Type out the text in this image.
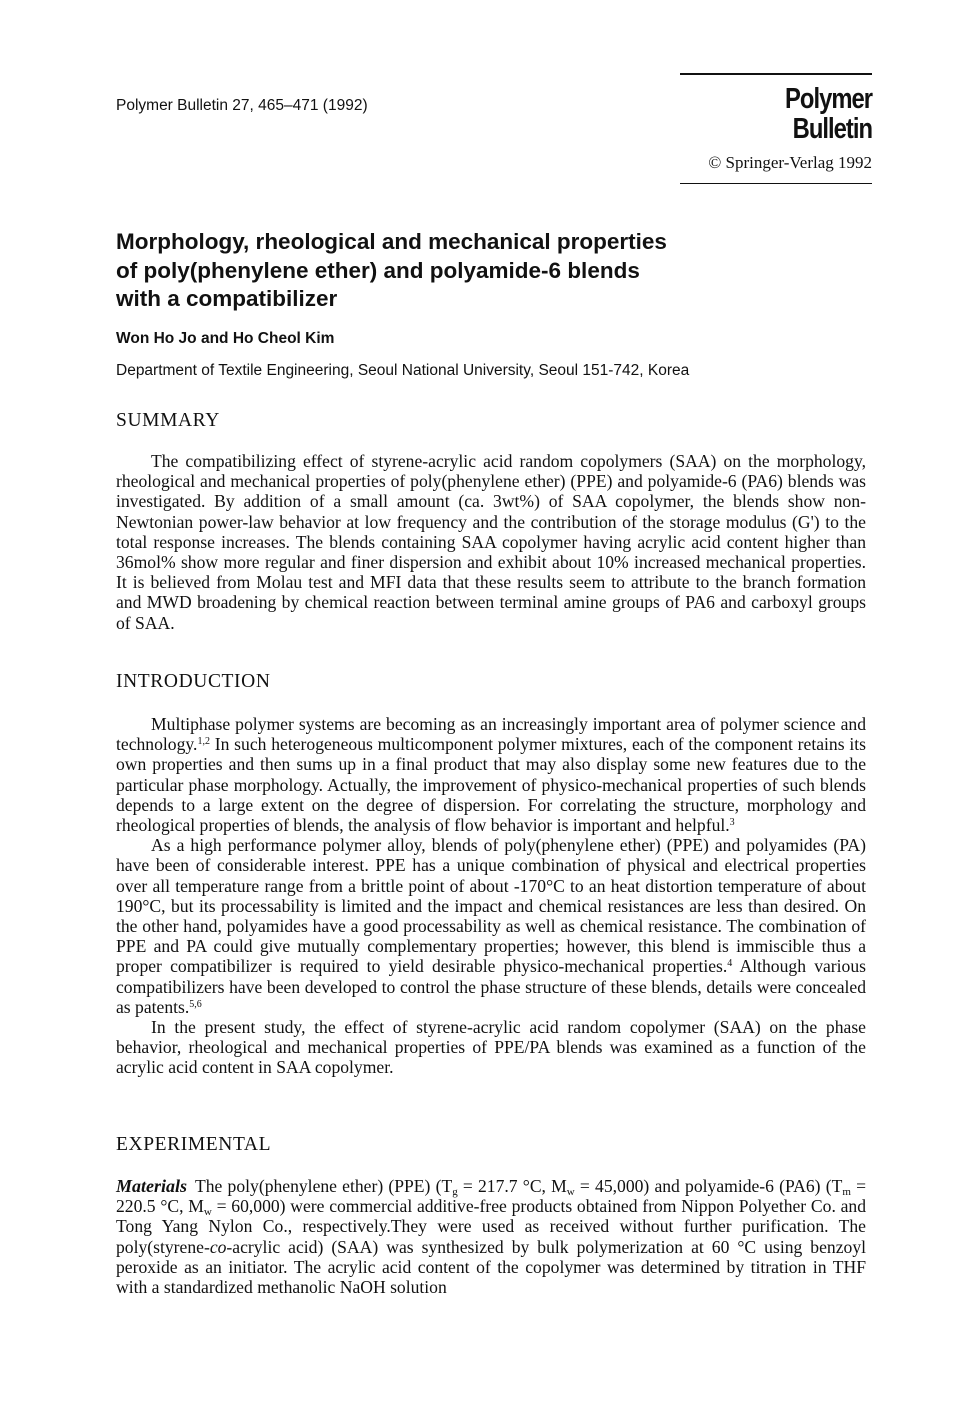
Polymer Bulletin 27, 465–471 (1992)	Polymer Bulletin
© Springer-Verlag 1992
Morphology, rheological and mechanical properties
of poly(phenylene ether) and polyamide-6 blends
with a compatibilizer
Won Ho Jo and Ho Cheol Kim
Department of Textile Engineering, Seoul National University, Seoul 151-742, Korea
SUMMARY

The compatibilizing effect of styrene-acrylic acid random copolymers (SAA) on the morphology, rheological and mechanical properties of poly(phenylene ether) (PPE) and polyamide-6 (PA6) blends was investigated. By addition of a small amount (ca. 3wt%) of SAA copolymer, the blends show non-Newtonian power-law behavior at low frequency and the contribution of the storage modulus (G') to the total response increases. The blends containing SAA copolymer having acrylic acid content higher than 36mol% show more regular and finer dispersion and exhibit about 10% increased mechanical properties. It is believed from Molau test and MFI data that these results seem to attribute to the branch formation and MWD broadening by chemical reaction between terminal amine groups of PA6 and carboxyl groups of SAA.

INTRODUCTION

Multiphase polymer systems are becoming as an increasingly important area of polymer science and technology.$^{1,2}$ In such heterogeneous multicomponent polymer mixtures, each of the component retains its own properties and then sums up in a final product that may also display some new features due to the particular phase morphology. Actually, the improvement of physico-mechanical properties of such blends depends to a large extent on the degree of dispersion. For correlating the structure, morphology and rheological properties of blends, the analysis of flow behavior is important and helpful.$^3$

As a high performance polymer alloy, blends of poly(phenylene ether) (PPE) and polyamides (PA) have been of considerable interest. PPE has a unique combination of physical and electrical properties over all temperature range from a brittle point of about -170°C to an heat distortion temperature of about 190°C, but its processability is limited and the impact and chemical resistances are less than desired. On the other hand, polyamides have a good processability as well as chemical resistance. The combination of PPE and PA could give mutually complementary properties; however, this blend is immiscible thus a proper compatibilizer is required to yield desirable physico-mechanical properties.$^4$ Although various compatibilizers have been developed to control the phase structure of these blends, details were concealed as patents.$^{5,6}$

In the present study, the effect of styrene-acrylic acid random copolymer (SAA) on the phase behavior, rheological and mechanical properties of PPE/PA blends was examined as a function of the acrylic acid content in SAA copolymer.

EXPERIMENTAL

Materials The poly(phenylene ether) (PPE) ($T_g = 217.7$ °C, $M_w = 45,000$) and polyamide-6 (PA6) ($T_m = 220.5$ °C, $M_w = 60,000$) were commercial additive-free products obtained from Nippon Polyether Co. and Tong Yang Nylon Co., respectively.They were used as received without further purification. The poly(styrene-co-acrylic acid) (SAA) was synthesized by bulk polymerization at 60 °C using benzoyl peroxide as an initiator. The acrylic acid content of the copolymer was determined by titration in THF with a standardized methanolic NaOH solution
